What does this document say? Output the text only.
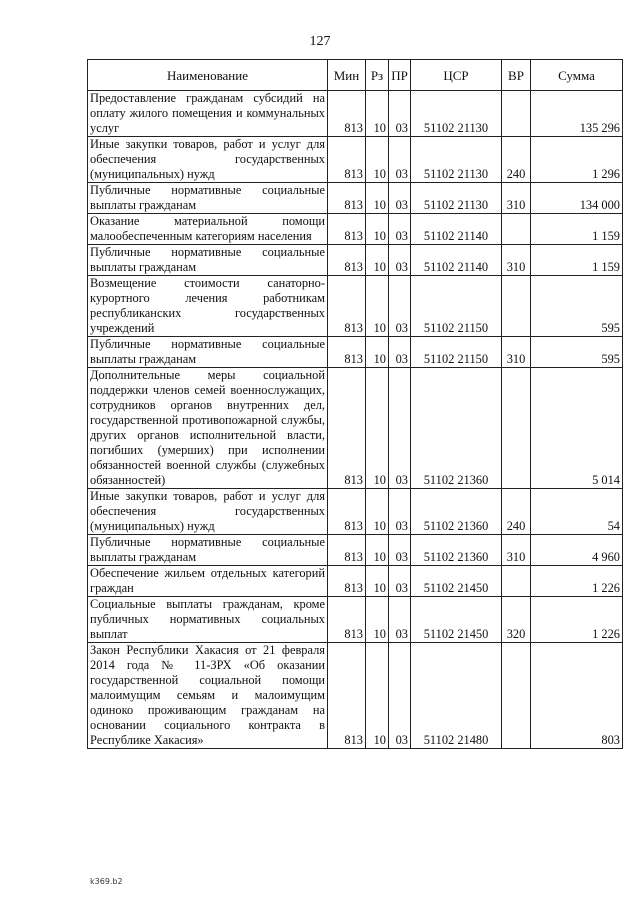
127
Наименование	Мин	Рз	ПР	ЦСР	ВР	Сумма
Предоставление гражданам субсидий на оплату жилого помещения и коммунальных услуг	813	10	03	51102 21130		135 296
Иные закупки товаров, работ и услуг для обеспечения государственных (муниципальных) нужд	813	10	03	51102 21130	240	1 296
Публичные нормативные социальные выплаты гражданам	813	10	03	51102 21130	310	134 000
Оказание материальной помощи малообеспеченным категориям населения	813	10	03	51102 21140		1 159
Публичные нормативные социальные выплаты гражданам	813	10	03	51102 21140	310	1 159
Возмещение стоимости санаторно-курортного лечения работникам республиканских государственных учреждений	813	10	03	51102 21150		595
Публичные нормативные социальные выплаты гражданам	813	10	03	51102 21150	310	595
Дополнительные меры социальной поддержки членов семей военнослужащих, сотрудников органов внутренних дел, государственной противопожарной службы, других органов исполнительной власти, погибших (умерших) при исполнении обязанностей военной службы (служебных обязанностей)	813	10	03	51102 21360		5 014
Иные закупки товаров, работ и услуг для обеспечения государственных (муниципальных) нужд	813	10	03	51102 21360	240	54
Публичные нормативные социальные выплаты гражданам	813	10	03	51102 21360	310	4 960
Обеспечение жильем отдельных категорий граждан	813	10	03	51102 21450		1 226
Социальные выплаты гражданам, кроме публичных нормативных социальных выплат	813	10	03	51102 21450	320	1 226
Закон Республики Хакасия от 21 февраля 2014 года № 11-ЗРХ «Об оказании государственной социальной помощи малоимущим семьям и малоимущим одиноко проживающим гражданам на основании социального контракта в Республике Хакасия»	813	10	03	51102 21480		803
k369.b2
